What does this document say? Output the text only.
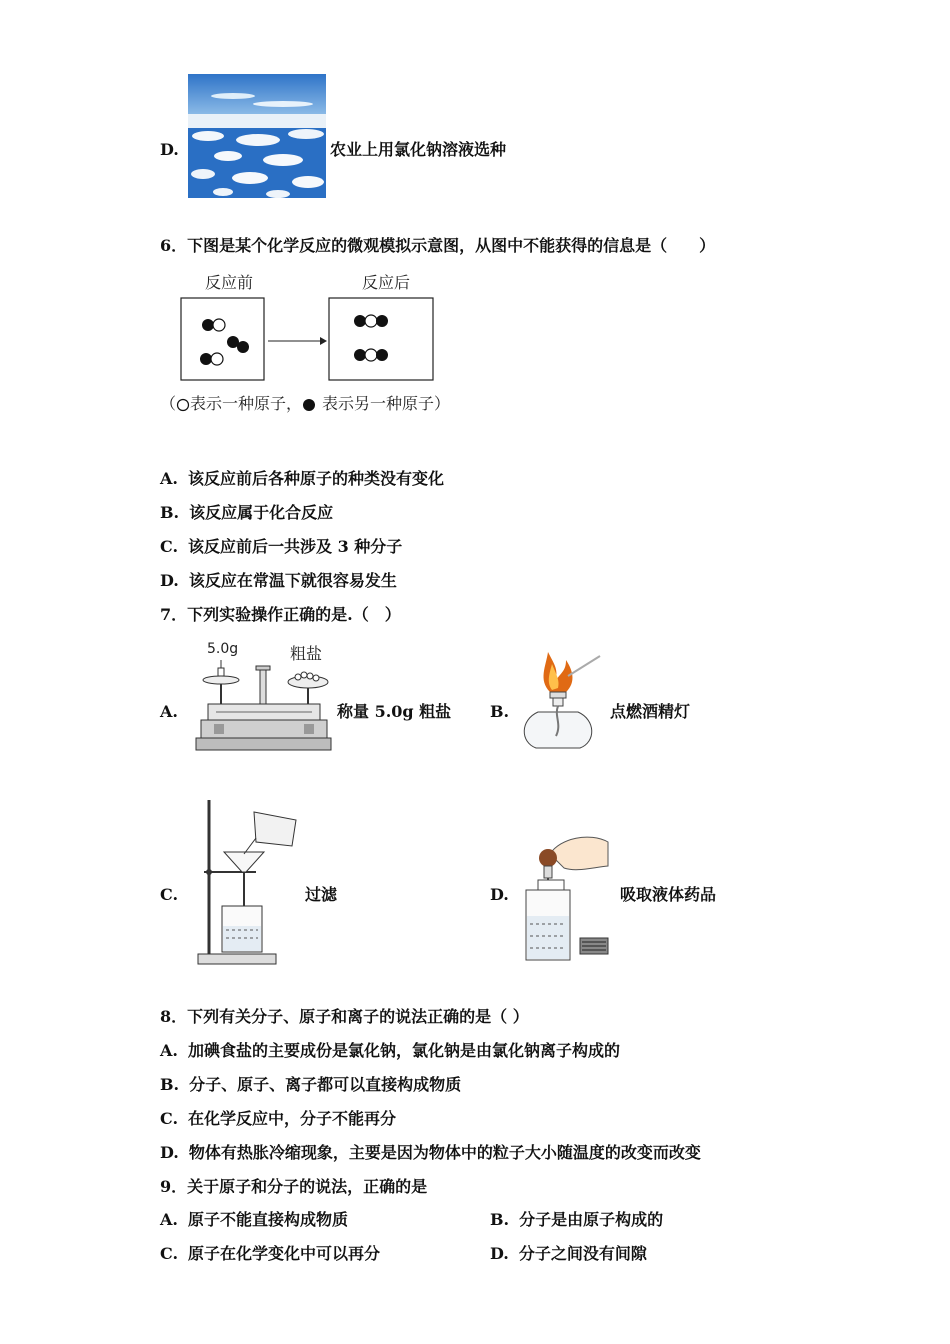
D.	农业上用氯化钠溶液选种
6．下图是某个化学反应的微观模拟示意图，从图中不能获得的信息是（　　）
反应前	反应后
（ 表示一种原子， 表示另一种原子）
A. 该反应前后各种原子的种类没有变化
B. 该反应属于化合反应
C. 该反应前后一共涉及 3 种分子
D. 该反应在常温下就很容易发生
7．下列实验操作正确的是.（　）
A.
5.0g	粗盐
称量 5.0g 粗盐 B.	点燃酒精灯
C.	过滤	D.	吸取液体药品
8．下列有关分子、原子和离子的说法正确的是（ ）
A. 加碘食盐的主要成份是氯化钠，氯化钠是由氯化钠离子构成的
B. 分子、原子、离子都可以直接构成物质
C. 在化学反应中，分子不能再分
D. 物体有热胀冷缩现象，主要是因为物体中的粒子大小随温度的改变而改变
9．关于原子和分子的说法，正确的是
A. 原子不能直接构成物质	B. 分子是由原子构成的
C. 原子在化学变化中可以再分	D. 分子之间没有间隙
